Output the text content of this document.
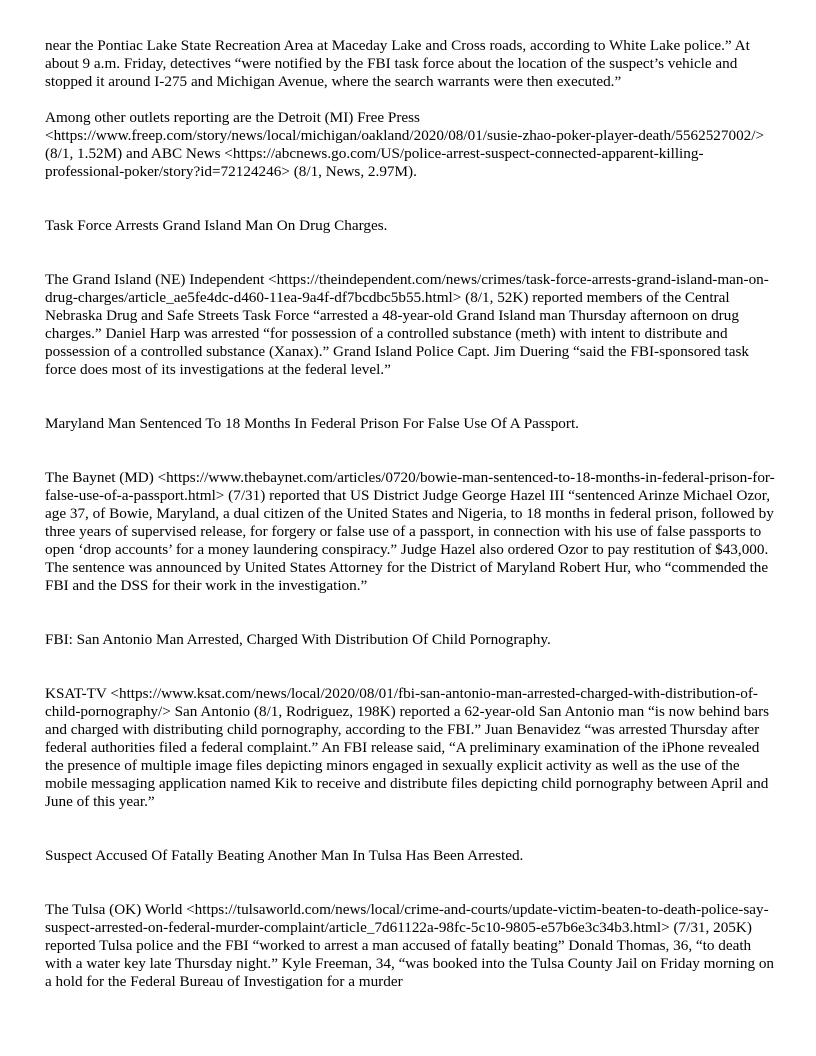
near the Pontiac Lake State Recreation Area at Maceday Lake and Cross roads, according to White Lake police.” At about 9 a.m. Friday, detectives “were notified by the FBI task force about the location of the suspect’s vehicle and stopped it around I-275 and Michigan Avenue, where the search warrants were then executed.”

Among other outlets reporting are the Detroit (MI) Free Press <https://www.freep.com/story/news/local/michigan/oakland/2020/08/01/susie-zhao-poker-player-death/5562527002/> (8/1, 1.52M) and ABC News <https://abcnews.go.com/US/police-arrest-suspect-connected-apparent-killing-professional-poker/story?id=72124246> (8/1, News, 2.97M).

Task Force Arrests Grand Island Man On Drug Charges.

The Grand Island (NE) Independent <https://theindependent.com/news/crimes/task-force-arrests-grand-island-man-on-drug-charges/article_ae5fe4dc-d460-11ea-9a4f-df7bcdbc5b55.html> (8/1, 52K) reported members of the Central Nebraska Drug and Safe Streets Task Force “arrested a 48-year-old Grand Island man Thursday afternoon on drug charges.” Daniel Harp was arrested “for possession of a controlled substance (meth) with intent to distribute and possession of a controlled substance (Xanax).” Grand Island Police Capt. Jim Duering “said the FBI-sponsored task force does most of its investigations at the federal level.”

Maryland Man Sentenced To 18 Months In Federal Prison For False Use Of A Passport.

The Baynet (MD) <https://www.thebaynet.com/articles/0720/bowie-man-sentenced-to-18-months-in-federal-prison-for-false-use-of-a-passport.html> (7/31) reported that US District Judge George Hazel III “sentenced Arinze Michael Ozor, age 37, of Bowie, Maryland, a dual citizen of the United States and Nigeria, to 18 months in federal prison, followed by three years of supervised release, for forgery or false use of a passport, in connection with his use of false passports to open ‘drop accounts’ for a money laundering conspiracy.” Judge Hazel also ordered Ozor to pay restitution of $43,000. The sentence was announced by United States Attorney for the District of Maryland Robert Hur, who “commended the FBI and the DSS for their work in the investigation.”

FBI: San Antonio Man Arrested, Charged With Distribution Of Child Pornography.

KSAT-TV <https://www.ksat.com/news/local/2020/08/01/fbi-san-antonio-man-arrested-charged-with-distribution-of-child-pornography/> San Antonio (8/1, Rodriguez, 198K) reported a 62-year-old San Antonio man “is now behind bars and charged with distributing child pornography, according to the FBI.” Juan Benavidez “was arrested Thursday after federal authorities filed a federal complaint.” An FBI release said, “A preliminary examination of the iPhone revealed the presence of multiple image files depicting minors engaged in sexually explicit activity as well as the use of the mobile messaging application named Kik to receive and distribute files depicting child pornography between April and June of this year.”

Suspect Accused Of Fatally Beating Another Man In Tulsa Has Been Arrested.

The Tulsa (OK) World <https://tulsaworld.com/news/local/crime-and-courts/update-victim-beaten-to-death-police-say-suspect-arrested-on-federal-murder-complaint/article_7d61122a-98fc-5c10-9805-e57b6e3c34b3.html> (7/31, 205K) reported Tulsa police and the FBI “worked to arrest a man accused of fatally beating” Donald Thomas, 36, “to death with a water key late Thursday night.” Kyle Freeman, 34, “was booked into the Tulsa County Jail on Friday morning on a hold for the Federal Bureau of Investigation for a murder
